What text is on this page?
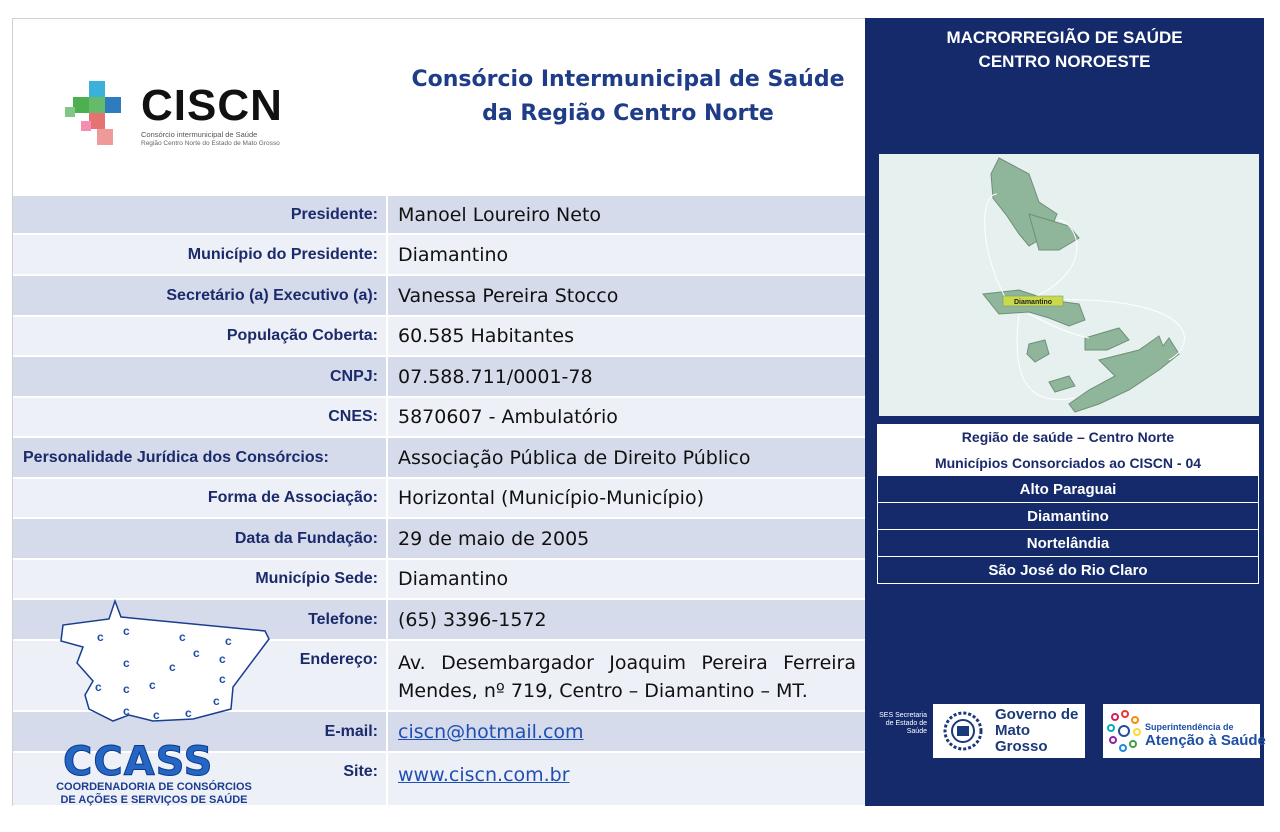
CISCN
Consórcio intermunicipal de Saúde
Região Centro Norte do Estado de Mato Grosso
Consórcio Intermunicipal de Saúde
da Região Centro Norte
Presidente:	Manoel Loureiro Neto
Município do Presidente:	Diamantino
Secretário (a) Executivo (a):	Vanessa Pereira Stocco
População Coberta:	60.585 Habitantes
CNPJ:	07.588.711/0001-78
CNES:	5870607 - Ambulatório
Personalidade Jurídica dos Consórcios:	Associação Pública de Direito Público
Forma de Associação:	Horizontal (Município-Município)
Data da Fundação:	29 de maio de 2005
Município Sede:	Diamantino
Telefone:	(65) 3396-1572
Endereço:	Av. Desembargador Joaquim Pereira Ferreira Mendes, nº 719, Centro – Diamantino – MT.
E-mail:	ciscn@hotmail.com
Site:	www.ciscn.com.br
c c	c	c
c c
c	c
c c c	c
c
c c c
CCASS
COORDENADORIA DE CONSÓRCIOS
DE AÇÕES E SERVIÇOS DE SAÚDE
MACRORREGIÃO DE SAÚDE
CENTRO NOROESTE
Diamantino
Região de saúde – Centro Norte
Municípios Consorciados ao CISCN - 04
Alto Paraguai
Diamantino
Nortelândia
São José do Rio Claro
SES Secretaria de Estado de Saúde
Governo de Mato Grosso
Superintendência de
Atenção à Saúde
